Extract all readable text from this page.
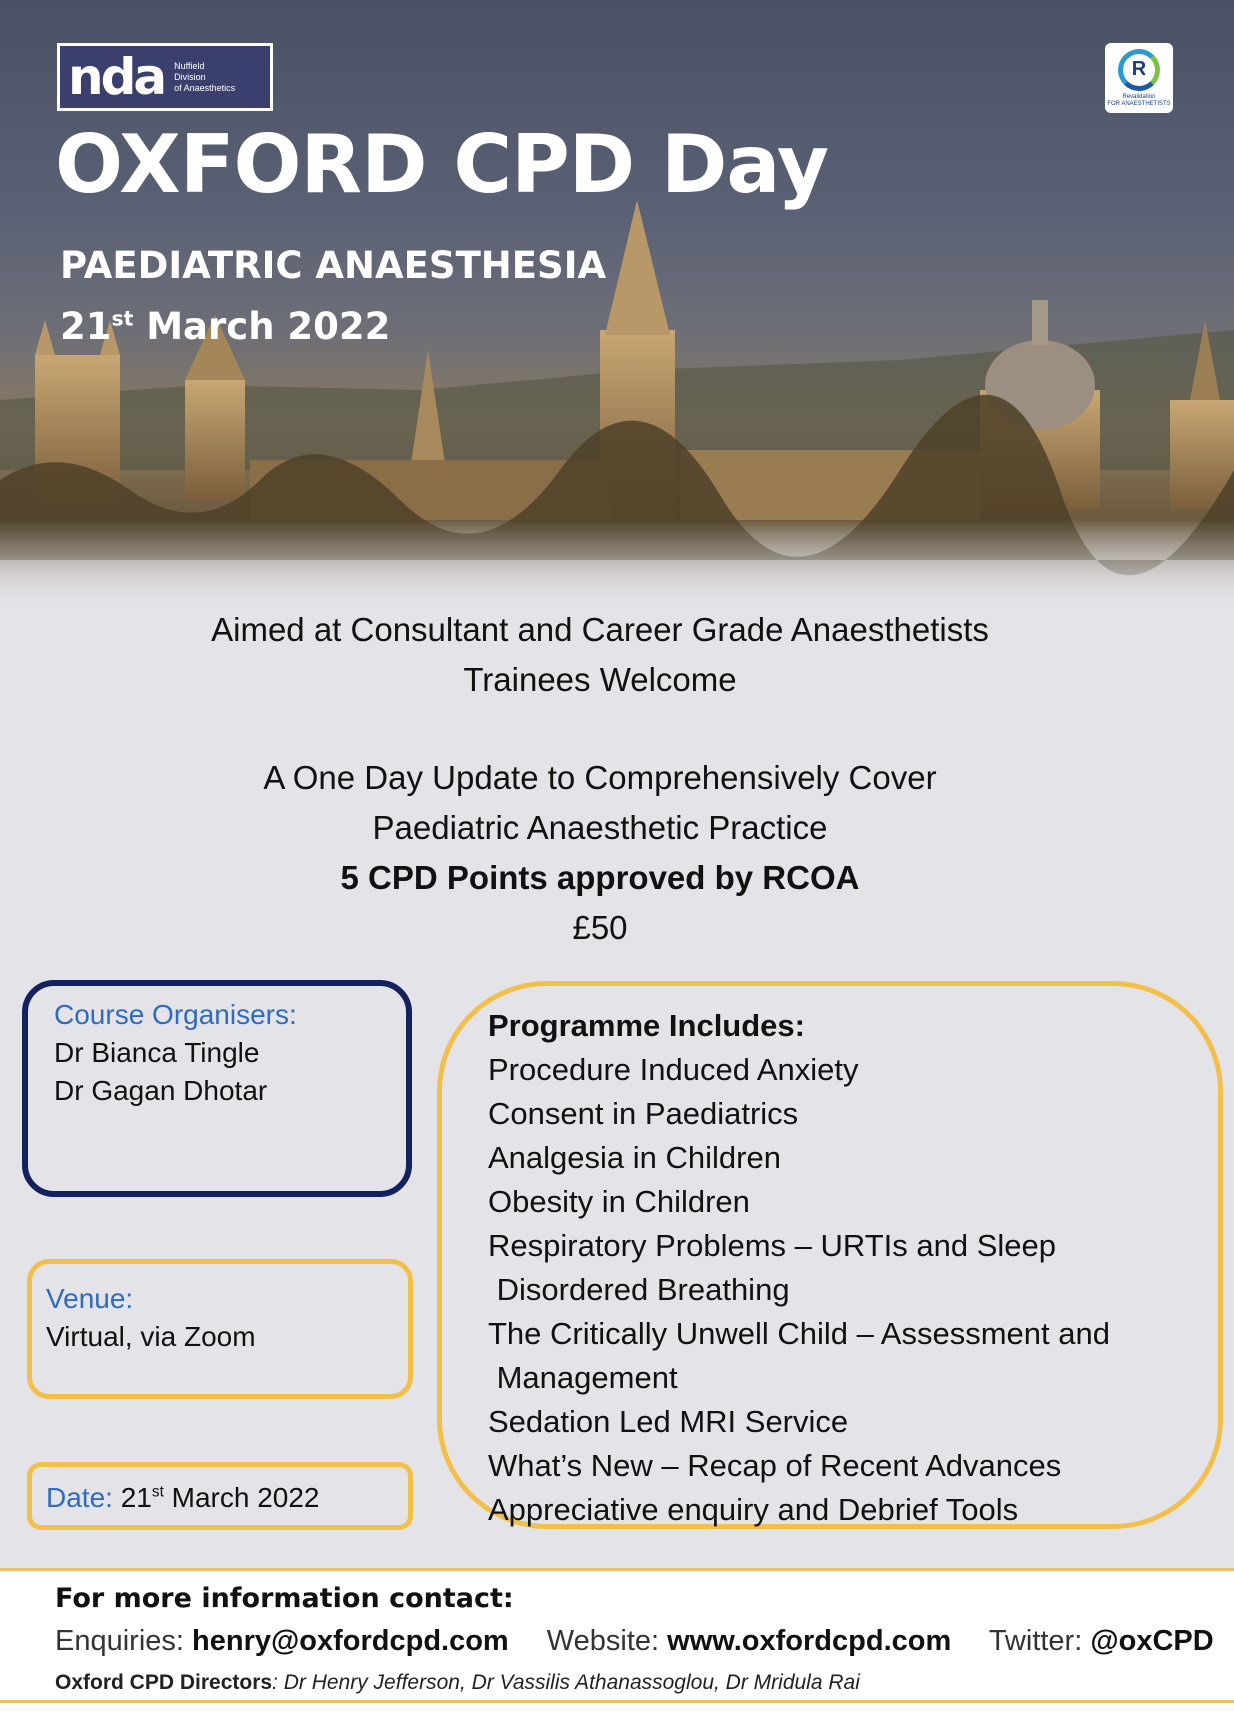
nda Nuffield
Division
of Anaesthetics
R
Revalidation
FOR ANAESTHETISTS
OXFORD CPD Day
PAEDIATRIC ANAESTHESIA
21st March 2022
Aimed at Consultant and Career Grade Anaesthetists
Trainees Welcome
A One Day Update to Comprehensively Cover
Paediatric Anaesthetic Practice
5 CPD Points approved by RCOA
£50
Course Organisers:
Dr Bianca Tingle
Dr Gagan Dhotar
Venue:
Virtual, via Zoom
Date: 21st March 2022
Programme Includes:
Procedure Induced Anxiety
Consent in Paediatrics
Analgesia in Children
Obesity in Children
Respiratory Problems – URTIs and Sleep
Disordered Breathing
The Critically Unwell Child – Assessment and
Management
Sedation Led MRI Service
What’s New – Recap of Recent Advances
Appreciative enquiry and Debrief Tools
For more information contact:
Enquiries: henry@oxfordcpd.com Website: www.oxfordcpd.com Twitter: @oxCPD
Oxford CPD Directors: Dr Henry Jefferson, Dr Vassilis Athanassoglou, Dr Mridula Rai
